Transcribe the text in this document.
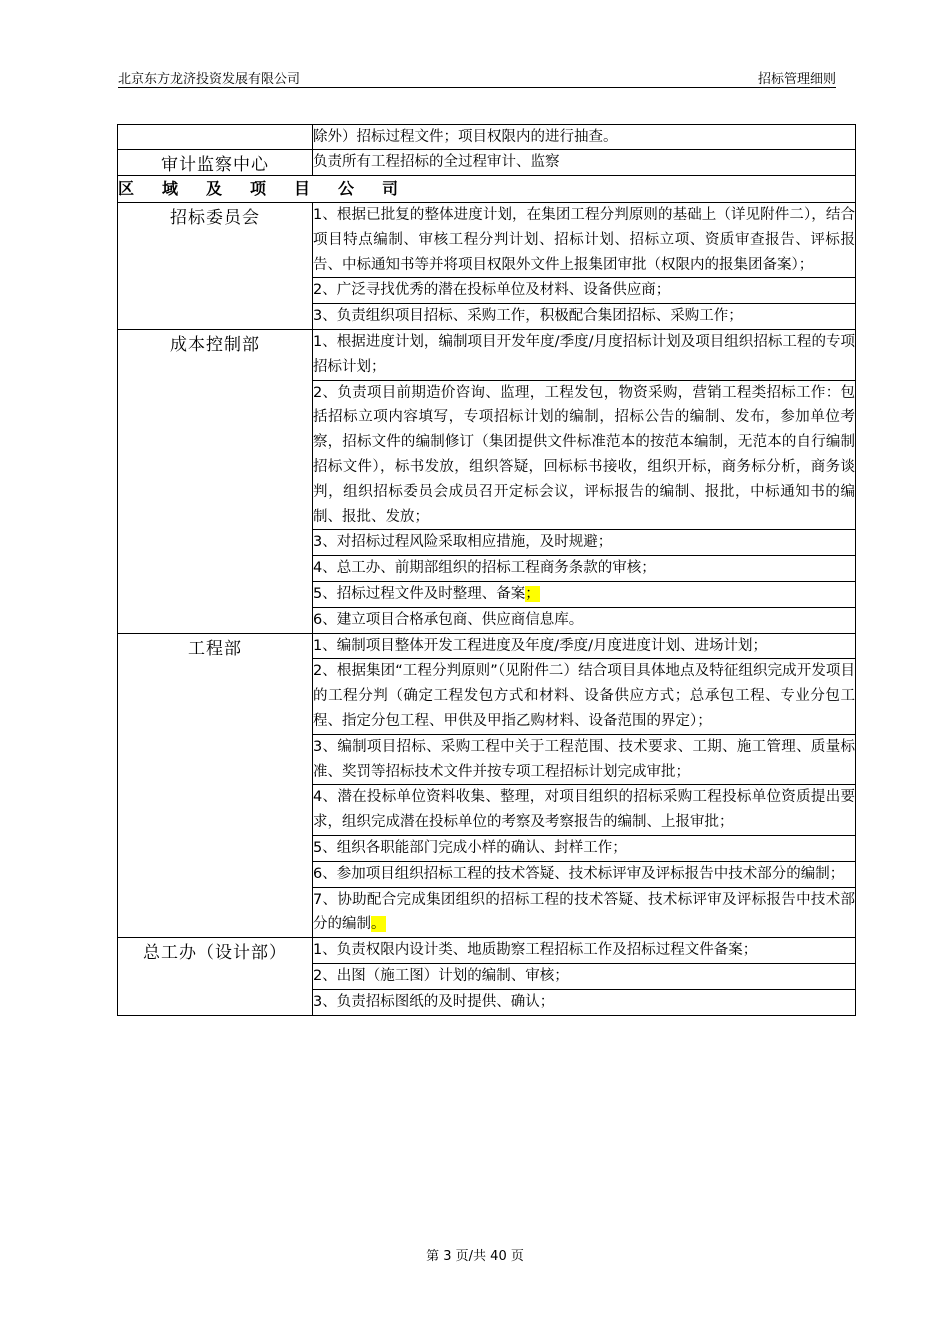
北京东方龙济投资发展有限公司	招标管理细则
	除外）招标过程文件；项目权限内的进行抽查。
审计监察中心	负责所有工程招标的全过程审计、监察
区域及项目公司	
招标委员会	1、根据已批复的整体进度计划，在集团工程分判原则的基础上（详见附件二），结合项目特点编制、审核工程分判计划、招标计划、招标立项、资质审查报告、评标报告、中标通知书等并将项目权限外文件上报集团审批（权限内的报集团备案）；
	2、广泛寻找优秀的潜在投标单位及材料、设备供应商；
	3、负责组织项目招标、采购工作，积极配合集团招标、采购工作；
成本控制部	1、根据进度计划，编制项目开发年度/季度/月度招标计划及项目组织招标工程的专项招标计划；
	2、负责项目前期造价咨询、监理，工程发包，物资采购，营销工程类招标工作：包括招标立项内容填写，专项招标计划的编制，招标公告的编制、发布，参加单位考察，招标文件的编制修订（集团提供文件标准范本的按范本编制，无范本的自行编制招标文件），标书发放，组织答疑，回标标书接收，组织开标，商务标分析，商务谈判，组织招标委员会成员召开定标会议，评标报告的编制、报批，中标通知书的编制、报批、发放；
	3、对招标过程风险采取相应措施，及时规避；
	4、总工办、前期部组织的招标工程商务条款的审核；
	5、招标过程文件及时整理、备案；
	6、建立项目合格承包商、供应商信息库。
工程部	1、编制项目整体开发工程进度及年度/季度/月度进度计划、进场计划；
	2、根据集团“工程分判原则”（见附件二）结合项目具体地点及特征组织完成开发项目的工程分判（确定工程发包方式和材料、设备供应方式；总承包工程、专业分包工程、指定分包工程、甲供及甲指乙购材料、设备范围的界定）；
	3、编制项目招标、采购工程中关于工程范围、技术要求、工期、施工管理、质量标准、奖罚等招标技术文件并按专项工程招标计划完成审批；
	4、潜在投标单位资料收集、整理，对项目组织的招标采购工程投标单位资质提出要求，组织完成潜在投标单位的考察及考察报告的编制、上报审批；
	5、组织各职能部门完成小样的确认、封样工作；
	6、参加项目组织招标工程的技术答疑、技术标评审及评标报告中技术部分的编制；
	7、协助配合完成集团组织的招标工程的技术答疑、技术标评审及评标报告中技术部分的编制。
总工办（设计部）	1、负责权限内设计类、地质勘察工程招标工作及招标过程文件备案；
	2、出图（施工图）计划的编制、审核；
	3、负责招标图纸的及时提供、确认；
第 3 页/共 40 页
